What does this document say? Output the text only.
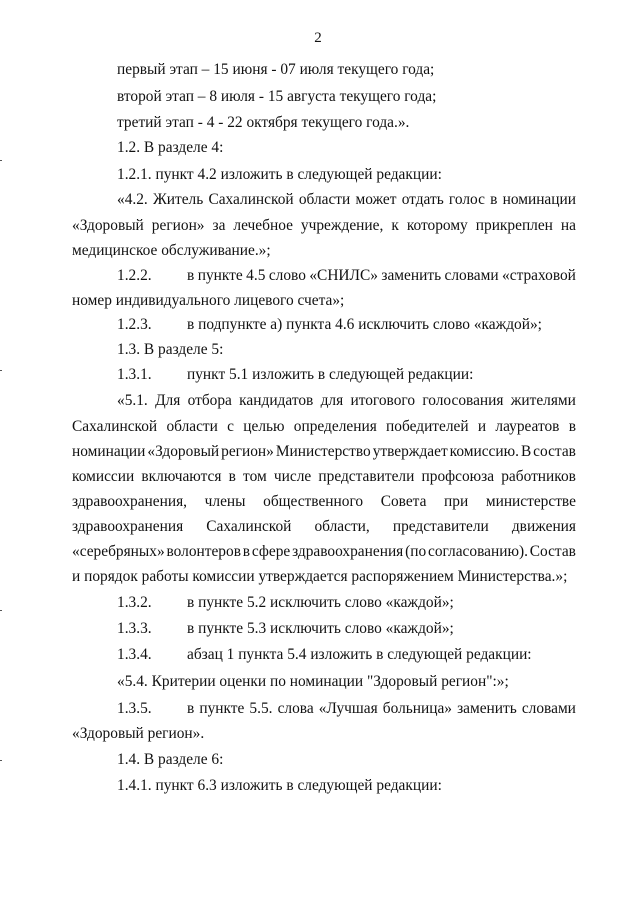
2
первый этап – 15 июня - 07 июля текущего года;
второй этап – 8 июля - 15 августа текущего года;
третий этап - 4 - 22 октября текущего года.».
1.2. В разделе 4:
1.2.1. пункт 4.2 изложить в следующей редакции:
«4.2. Житель Сахалинской области может отдать голос в номинации
«Здоровый регион» за лечебное учреждение, к которому прикреплен на
медицинское обслуживание.»;
1.2.2. в пункте 4.5 слово «СНИЛС» заменить словами «страховой
номер индивидуального лицевого счета»;
1.2.3. в подпункте а) пункта 4.6 исключить слово «каждой»;
1.3. В разделе 5:
1.3.1. пункт 5.1 изложить в следующей редакции:
«5.1. Для отбора кандидатов для итогового голосования жителями
Сахалинской области с целью определения победителей и лауреатов в
номинации «Здоровый регион» Министерство утверждает комиссию. В состав
комиссии включаются в том числе представители профсоюза работников
здравоохранения, члены общественного Совета при министерстве
здравоохранения Сахалинской области, представители движения
«серебряных» волонтеров в сфере здравоохранения (по согласованию). Состав
и порядок работы комиссии утверждается распоряжением Министерства.»;
1.3.2. в пункте 5.2 исключить слово «каждой»;
1.3.3. в пункте 5.3 исключить слово «каждой»;
1.3.4. абзац 1 пункта 5.4 изложить в следующей редакции:
«5.4. Критерии оценки по номинации "Здоровый регион":»;
1.3.5. в пункте 5.5. слова «Лучшая больница» заменить словами
«Здоровый регион».
1.4. В разделе 6:
1.4.1. пункт 6.3 изложить в следующей редакции:
